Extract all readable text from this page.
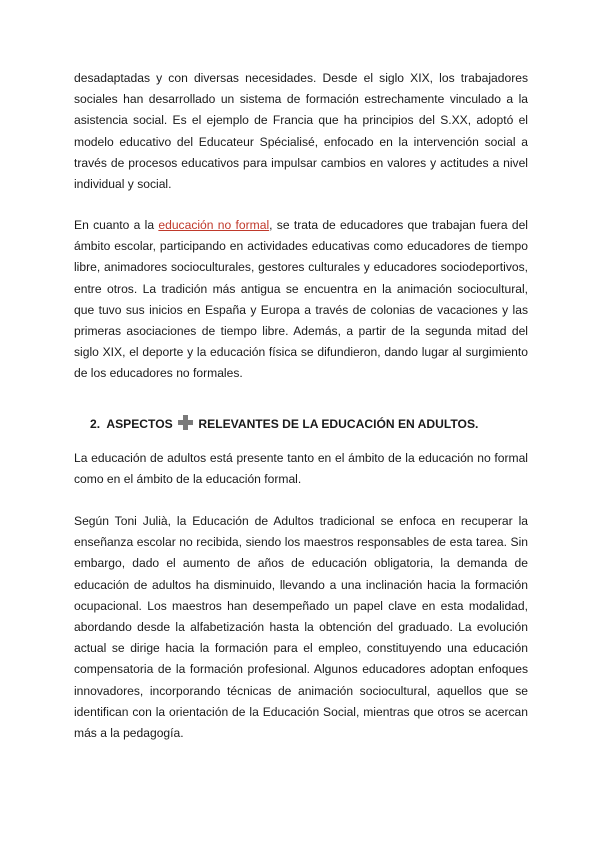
desadaptadas y con diversas necesidades. Desde el siglo XIX, los trabajadores sociales han desarrollado un sistema de formación estrechamente vinculado a la asistencia social. Es el ejemplo de Francia que ha principios del S.XX, adoptó el modelo educativo del Educateur Spécialisé, enfocado en la intervención social a través de procesos educativos para impulsar cambios en valores y actitudes a nivel individual y social.

En cuanto a la educación no formal, se trata de educadores que trabajan fuera del ámbito escolar, participando en actividades educativas como educadores de tiempo libre, animadores socioculturales, gestores culturales y educadores sociodeportivos, entre otros. La tradición más antigua se encuentra en la animación sociocultural, que tuvo sus inicios en España y Europa a través de colonias de vacaciones y las primeras asociaciones de tiempo libre. Además, a partir de la segunda mitad del siglo XIX, el deporte y la educación física se difundieron, dando lugar al surgimiento de los educadores no formales.

2. ASPECTOS  RELEVANTES DE LA EDUCACIÓN EN ADULTOS.

La educación de adultos está presente tanto en el ámbito de la educación no formal como en el ámbito de la educación formal.

Según Toni Julià, la Educación de Adultos tradicional se enfoca en recuperar la enseñanza escolar no recibida, siendo los maestros responsables de esta tarea. Sin embargo, dado el aumento de años de educación obligatoria, la demanda de educación de adultos ha disminuido, llevando a una inclinación hacia la formación ocupacional. Los maestros han desempeñado un papel clave en esta modalidad, abordando desde la alfabetización hasta la obtención del graduado. La evolución actual se dirige hacia la formación para el empleo, constituyendo una educación compensatoria de la formación profesional. Algunos educadores adoptan enfoques innovadores, incorporando técnicas de animación sociocultural, aquellos que se identifican con la orientación de la Educación Social, mientras que otros se acercan más a la pedagogía.
